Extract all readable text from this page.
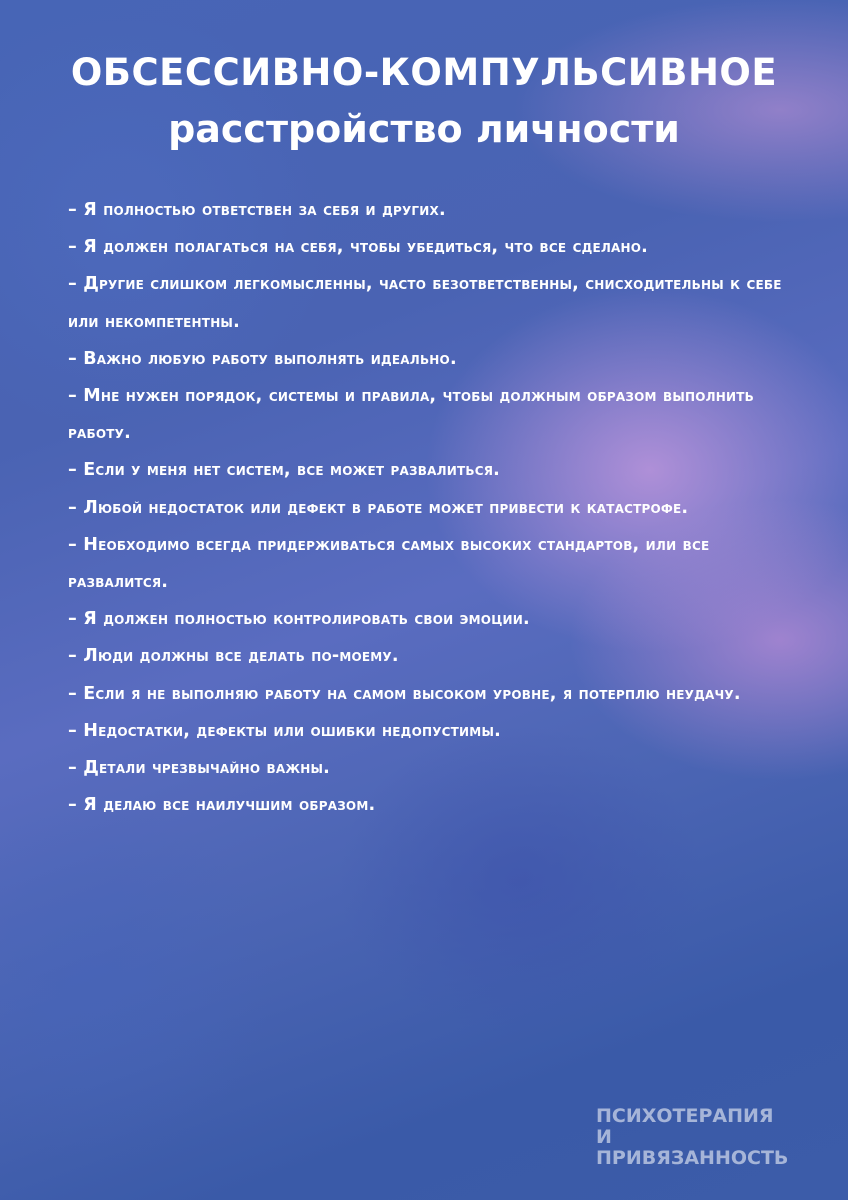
ОБСЕССИВНО-КОМПУЛЬСИВНОЕ
расстройство личности
– Я полностью ответствен за себя и других.
– Я должен полагаться на себя, чтобы убедиться, что все сделано.
– Другие слишком легкомысленны, часто безответственны, снисходительны к себе или некомпетентны.
– Важно любую работу выполнять идеально.
– Мне нужен порядок, системы и правила, чтобы должным образом выполнить работу.
– Если у меня нет систем, все может развалиться.
– Любой недостаток или дефект в работе может привести к катастрофе.
– Необходимо всегда придерживаться самых высоких стандартов, или все развалится.
– Я должен полностью контролировать свои эмоции.
– Люди должны все делать по-моему.
– Если я не выполняю работу на самом высоком уровне, я потерплю неудачу.
– Недостатки, дефекты или ошибки недопустимы.
– Детали чрезвычайно важны.
– Я делаю все наилучшим образом.
ПСИХОТЕРАПИЯ
И
ПРИВЯЗАННОСТЬ
